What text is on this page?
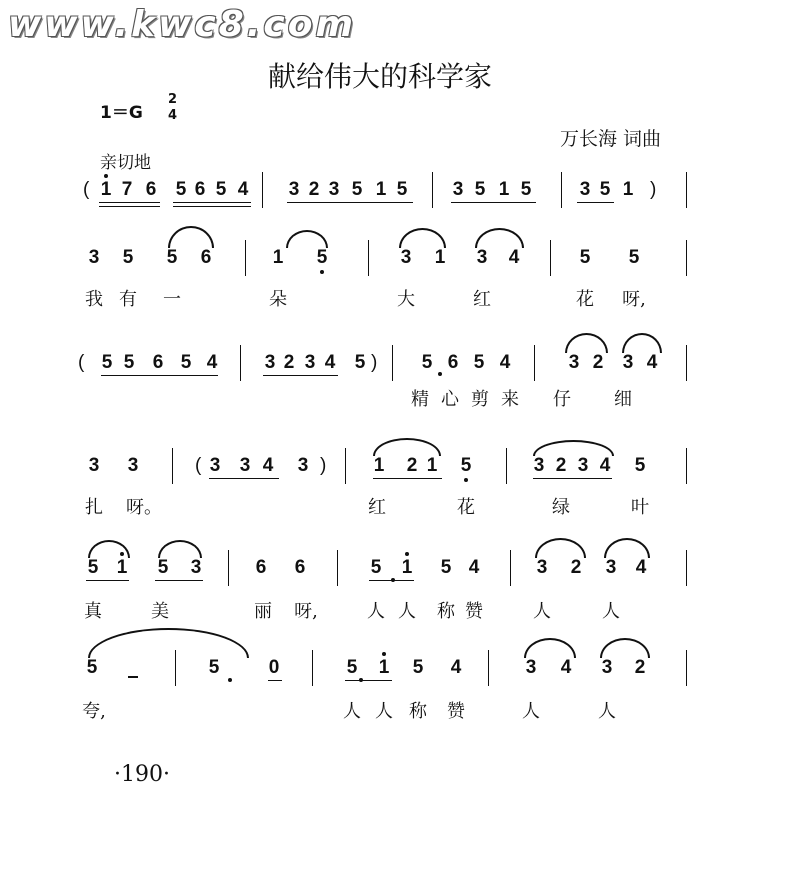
www.kwc8.com
献给伟大的科学家
1＝G
2
4
万长海 词曲
亲切地
1 7 6	5 6 5 4	3 2 3 5 1 5	3 5 1 5	3 5 1
(	)
3	5	5	6	1	5	3	1	3	4	5	5
我 有 一	朵	大	红	花 呀,
5 5 6 5 4	3 2 3 4	5	5 6 5 4	3 2	3 4
(	)
精 心 剪 来 仔 细
3	3	3	3 4	3	1	2 1	5	3 2 3 4	5
(	)
扎 呀。	红	花	绿	叶
5 1	5	3	6	6	5	1	5 4	3	2	3	4
真	美	丽 呀,	人 人 称 赞	人	人
5	5	0	5	1	5	4	3	4	3	2
夸,	人 人 称 赞	人	人
·190·
